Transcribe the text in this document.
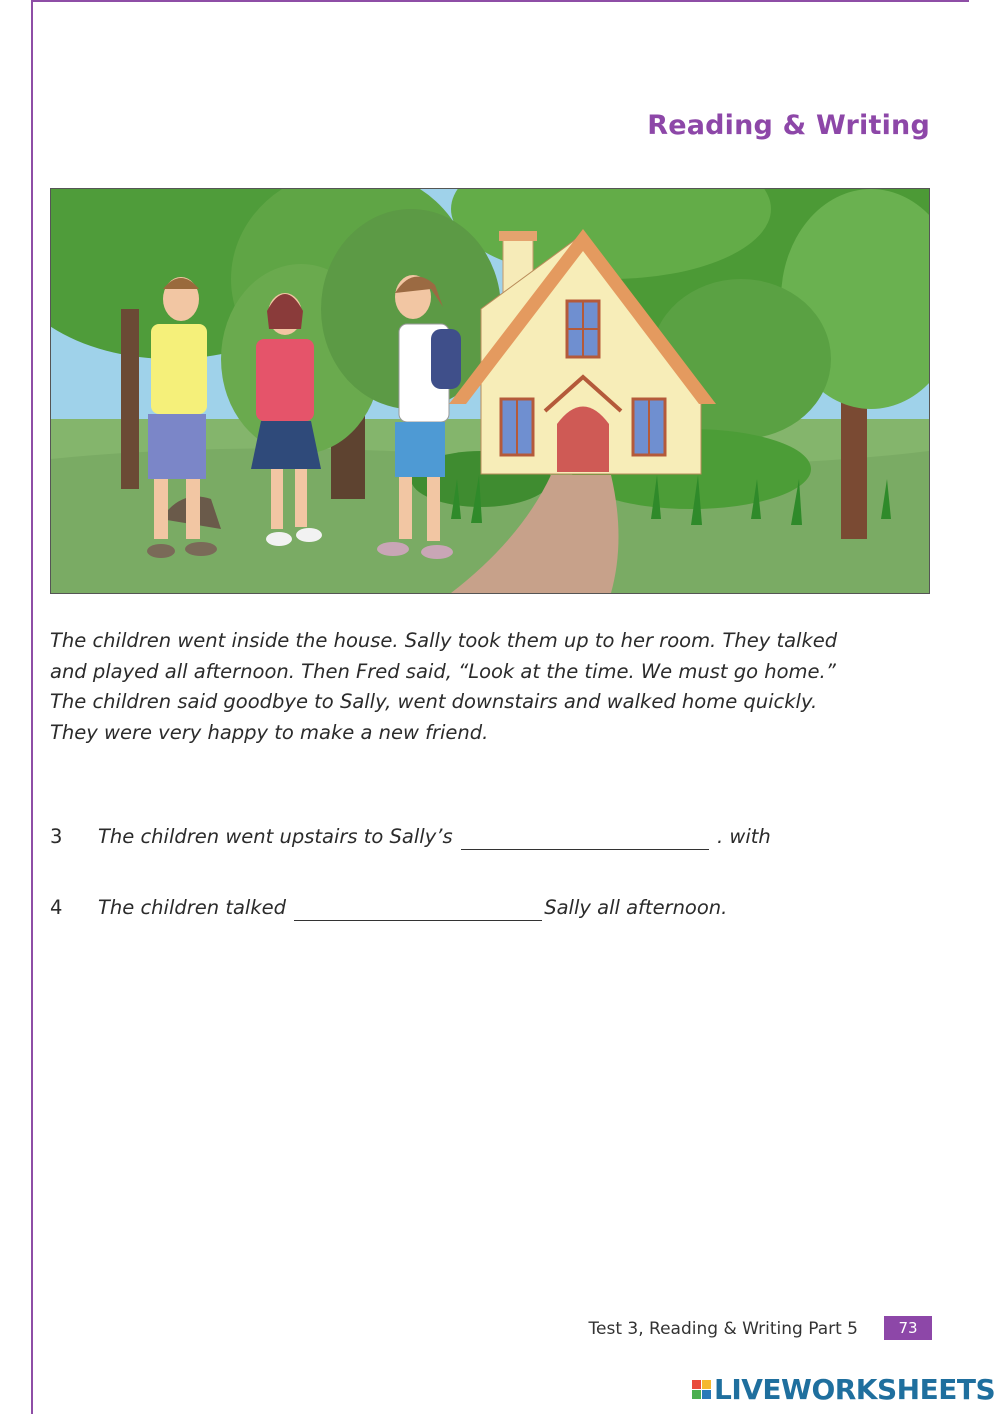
Reading & Writing

The children went inside the house. Sally took them up to her room. They talked

and played all afternoon. Then Fred said, “Look at the time. We must go home.”

The children said goodbye to Sally, went downstairs and walked home quickly.

They were very happy to make a new friend.

3 The children went upstairs to Sally’s	. with
4 The children talked	Sally all afternoon.
Test 3, Reading & Writing Part 5	73
LIVEWORKSHEETS
